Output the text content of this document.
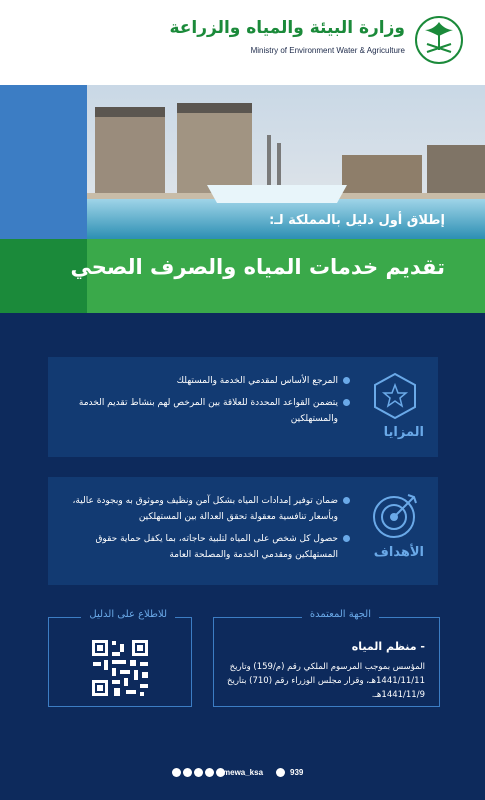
وزارة البيئة والمياه والزراعة
Ministry of Environment Water & Agriculture
إطلاق أول دليل بالمملكة لـ:
تقديم خدمات المياه والصرف الصحي
المزايا
المرجع الأساس لمقدمي الخدمة والمستهلك
يتضمن القواعد المحددة للعلاقة بين المرخص لهم بنشاط تقديم الخدمة والمستهلكين
الأهداف
ضمان توفير إمدادات المياه بشكل آمن ونظيف وموثوق به وبجودة عالية، وبأسعار تنافسية معقولة تحقق العدالة بين المستهلكين
حصول كل شخص على المياه لتلبية حاجاته، بما يكفل حماية حقوق المستهلكين ومقدمي الخدمة والمصلحة العامة
الجهة المعتمدة
- منظم المياه
المؤسس بموجب المرسوم الملكي رقم (م/159) وتاريخ 1441/11/11هـ، وقرار مجلس الوزراء رقم (710) بتاريخ 1441/11/9هـ.
للاطلاع على الدليل
mewa_ksa	939
